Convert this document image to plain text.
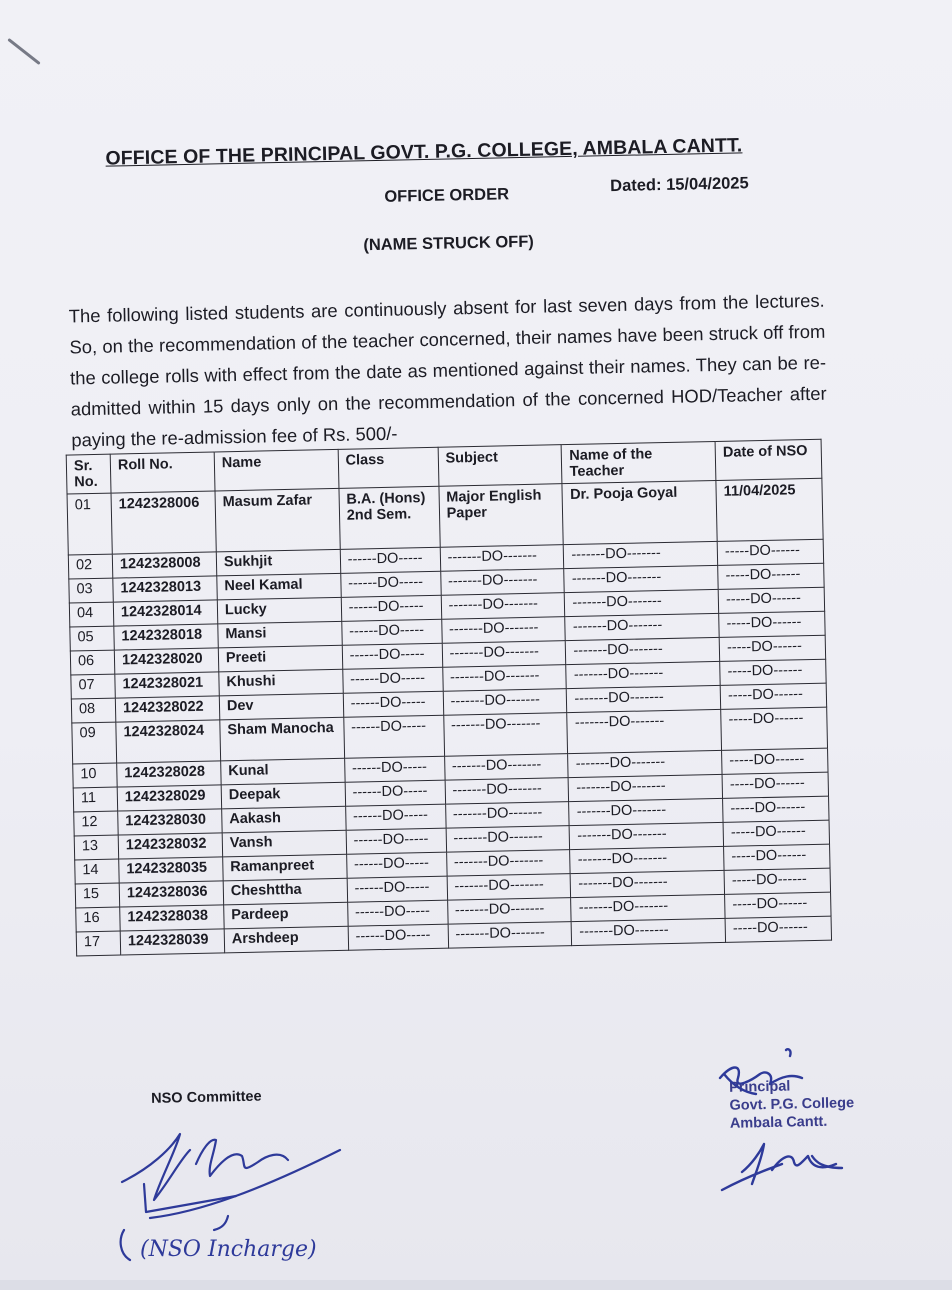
OFFICE OF THE PRINCIPAL GOVT. P.G. COLLEGE, AMBALA CANTT.
OFFICE ORDER
Dated: 15/04/2025
(NAME STRUCK OFF)

The following listed students are continuously absent for last seven days from the lectures. So, on the recommendation of the teacher concerned, their names have been struck off from the college rolls with effect from the date as mentioned against their names. They can be re-admitted within 15 days only on the recommendation of the concerned HOD/Teacher after paying the re-admission fee of Rs. 500/-

Sr. No.	Roll No.	Name	Class	Subject	Name of the Teacher	Date of NSO
01	1242328006	Masum Zafar	B.A. (Hons) 2nd Sem.	Major English Paper	Dr. Pooja Goyal	11/04/2025
02	1242328008	Sukhjit	------DO-----	-------DO-------	-------DO-------	-----DO------
03	1242328013	Neel Kamal	------DO-----	-------DO-------	-------DO-------	-----DO------
04	1242328014	Lucky	------DO-----	-------DO-------	-------DO-------	-----DO------
05	1242328018	Mansi	------DO-----	-------DO-------	-------DO-------	-----DO------
06	1242328020	Preeti	------DO-----	-------DO-------	-------DO-------	-----DO------
07	1242328021	Khushi	------DO-----	-------DO-------	-------DO-------	-----DO------
08	1242328022	Dev	------DO-----	-------DO-------	-------DO-------	-----DO------
09	1242328024	Sham Manocha	------DO-----	-------DO-------	-------DO-------	-----DO------
10	1242328028	Kunal	------DO-----	-------DO-------	-------DO-------	-----DO------
11	1242328029	Deepak	------DO-----	-------DO-------	-------DO-------	-----DO------
12	1242328030	Aakash	------DO-----	-------DO-------	-------DO-------	-----DO------
13	1242328032	Vansh	------DO-----	-------DO-------	-------DO-------	-----DO------
14	1242328035	Ramanpreet	------DO-----	-------DO-------	-------DO-------	-----DO------
15	1242328036	Cheshttha	------DO-----	-------DO-------	-------DO-------	-----DO------
16	1242328038	Pardeep	------DO-----	-------DO-------	-------DO-------	-----DO------
17	1242328039	Arshdeep	------DO-----	-------DO-------	-------DO-------	-----DO------
NSO Committee
Principal
Govt. P.G. College
Ambala Cantt.
(NSO Incharge)
